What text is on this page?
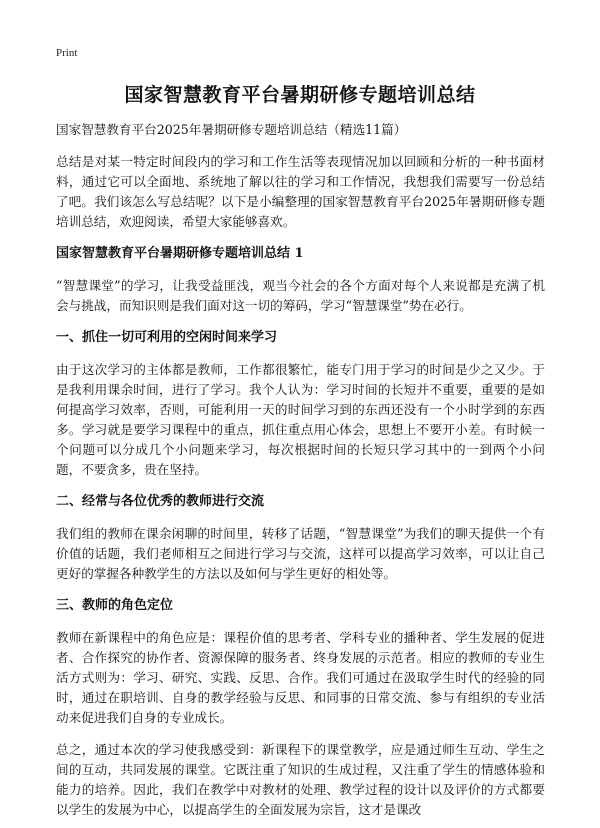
Print
国家智慧教育平台暑期研修专题培训总结

国家智慧教育平台2025年暑期研修专题培训总结（精选11篇）

总结是对某一特定时间段内的学习和工作生活等表现情况加以回顾和分析的一种书面材料，通过它可以全面地、系统地了解以往的学习和工作情况，我想我们需要写一份总结了吧。我们该怎么写总结呢？以下是小编整理的国家智慧教育平台2025年暑期研修专题培训总结，欢迎阅读，希望大家能够喜欢。

国家智慧教育平台暑期研修专题培训总结 1

“智慧课堂”的学习，让我受益匪浅，观当今社会的各个方面对每个人来说都是充满了机会与挑战，而知识则是我们面对这一切的筹码，学习“智慧课堂”势在必行。

一、抓住一切可利用的空闲时间来学习

由于这次学习的主体都是教师，工作都很繁忙，能专门用于学习的时间是少之又少。于是我利用课余时间，进行了学习。我个人认为：学习时间的长短并不重要，重要的是如何提高学习效率，否则，可能利用一天的时间学习到的东西还没有一个小时学到的东西多。学习就是要学习课程中的重点，抓住重点用心体会，思想上不要开小差。有时候一个问题可以分成几个小问题来学习，每次根据时间的长短只学习其中的一到两个小问题，不要贪多，贵在坚持。

二、经常与各位优秀的教师进行交流

我们组的教师在课余闲聊的时间里，转移了话题，“智慧课堂”为我们的聊天提供一个有价值的话题，我们老师相互之间进行学习与交流，这样可以提高学习效率，可以让自己更好的掌握各种教学生的方法以及如何与学生更好的相处等。

三、教师的角色定位

教师在新课程中的角色应是：课程价值的思考者、学科专业的播种者、学生发展的促进者、合作探究的协作者、资源保障的服务者、终身发展的示范者。相应的教师的专业生活方式则为：学习、研究、实践、反思、合作。我们可通过在汲取学生时代的经验的同时，通过在职培训、自身的教学经验与反思、和同事的日常交流、参与有组织的专业活动来促进我们自身的专业成长。

总之，通过本次的学习使我感受到：新课程下的课堂教学，应是通过师生互动、学生之间的互动，共同发展的课堂。它既注重了知识的生成过程，又注重了学生的情感体验和能力的培养。因此，我们在教学中对教材的处理、教学过程的设计以及评价的方式都要以学生的发展为中心，以提高学生的全面发展为宗旨，这才是课改
